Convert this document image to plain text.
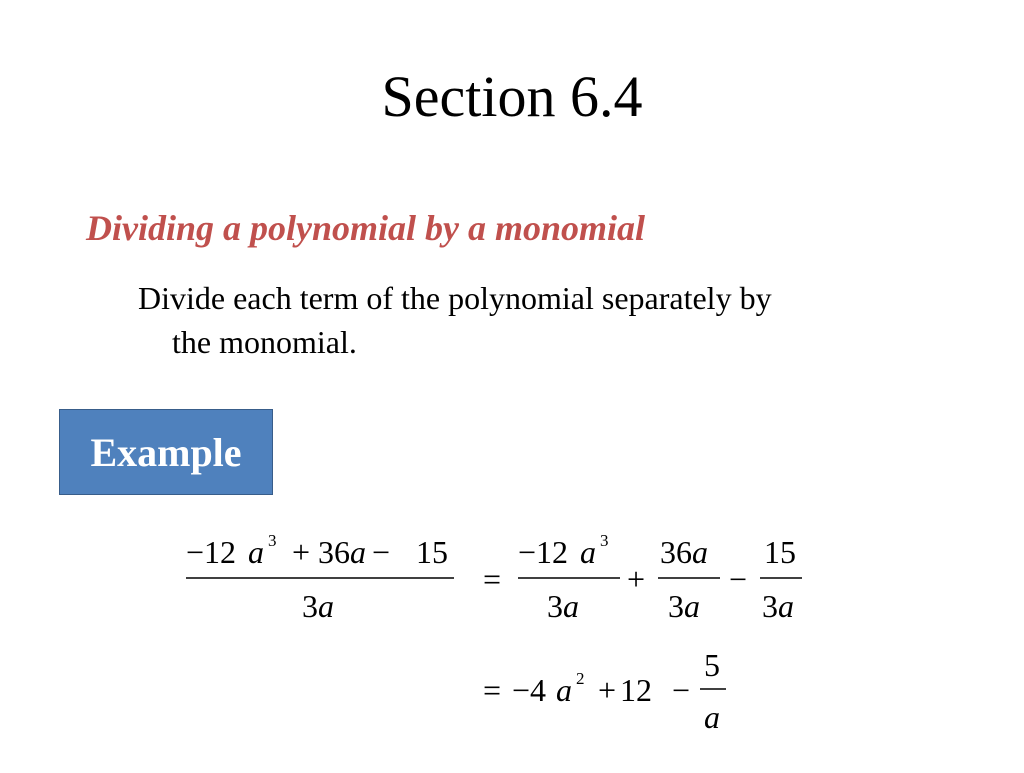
Section 6.4
Dividing a polynomial by a monomial
Divide each term of the polynomial separately by
the monomial.
Example
−12 a 3 + 36 a − 15
3 a
=
−12 a 3
3 a
+
36 a
3 a
−
15
3 a
= −4 a 2 + 12 −
5
a
